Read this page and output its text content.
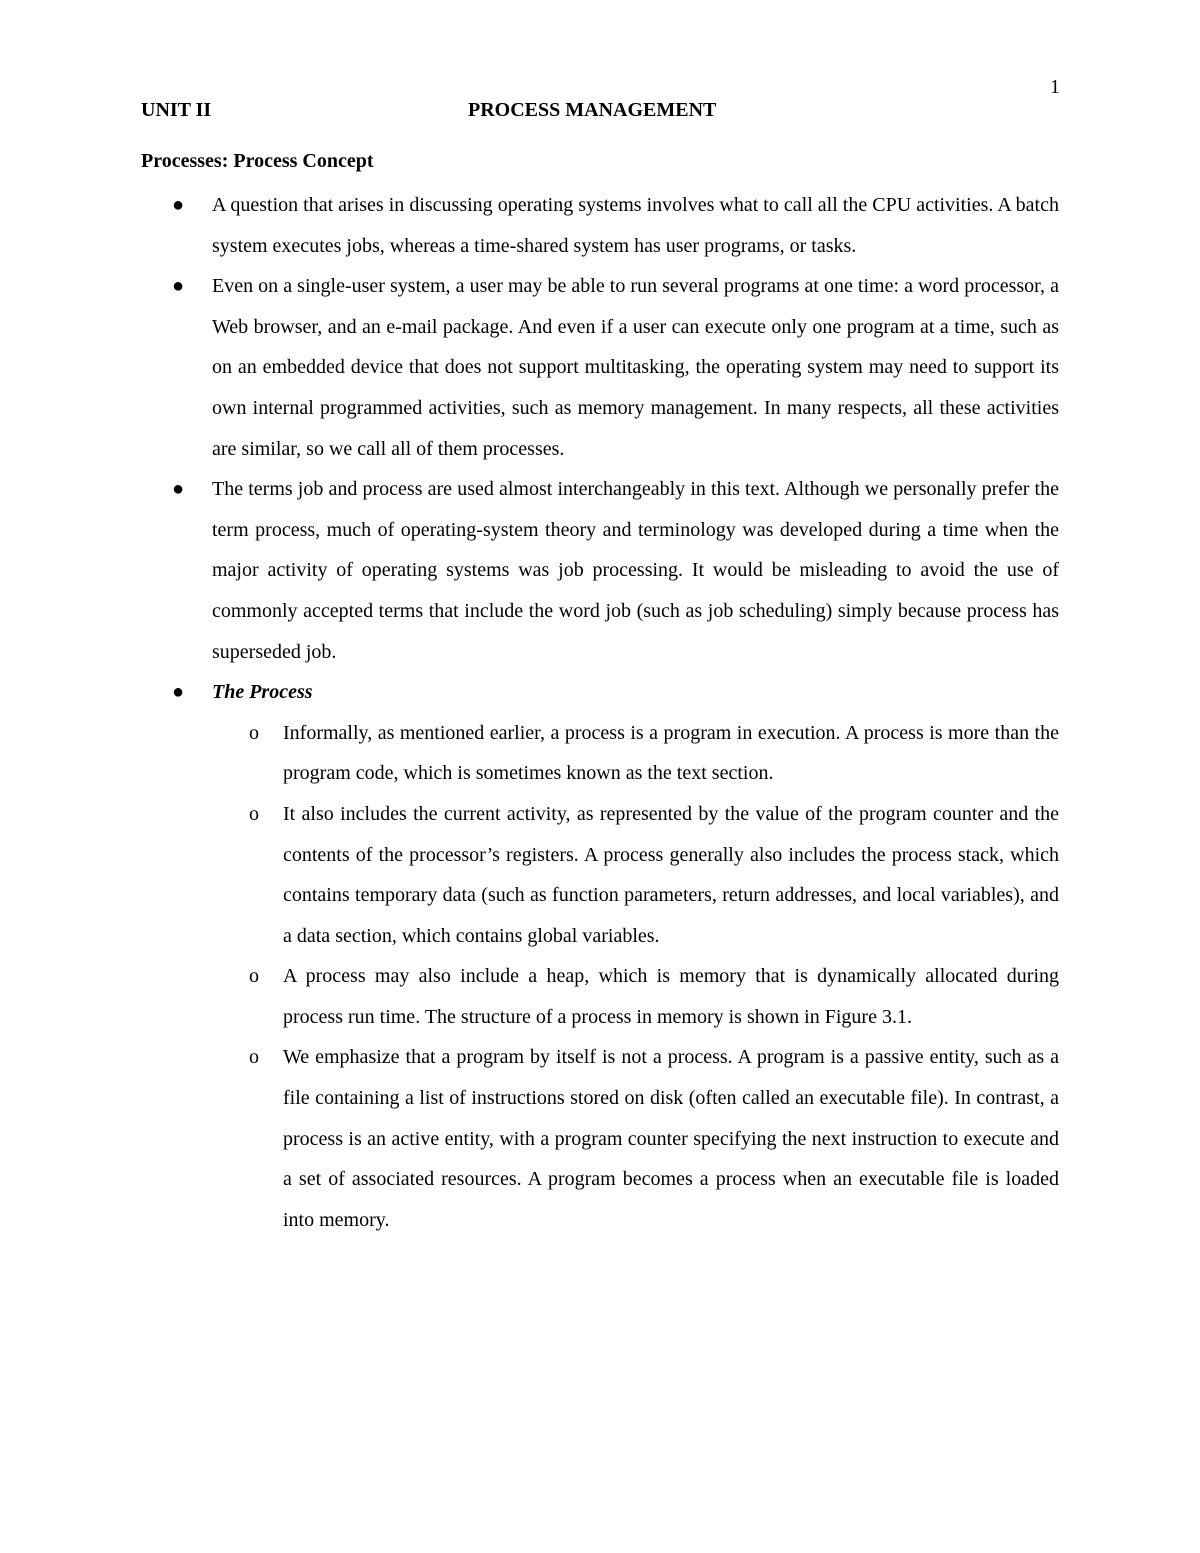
1
UNIT II	PROCESS MANAGEMENT
Processes: Process Concept
● A question that arises in discussing operating systems involves what to call all the CPU activities. A batch system executes jobs, whereas a time-shared system has user programs, or tasks.
● Even on a single-user system, a user may be able to run several programs at one time: a word processor, a Web browser, and an e-mail package. And even if a user can execute only one program at a time, such as on an embedded device that does not support multitasking, the operating system may need to support its own internal programmed activities, such as memory management. In many respects, all these activities are similar, so we call all of them processes.
● The terms job and process are used almost interchangeably in this text. Although we personally prefer the term process, much of operating-system theory and terminology was developed during a time when the major activity of operating systems was job processing. It would be misleading to avoid the use of commonly accepted terms that include the word job (such as job scheduling) simply because process has superseded job.
● The Process
o Informally, as mentioned earlier, a process is a program in execution. A process is more than the program code, which is sometimes known as the text section.
o It also includes the current activity, as represented by the value of the program counter and the contents of the processor’s registers. A process generally also includes the process stack, which contains temporary data (such as function parameters, return addresses, and local variables), and a data section, which contains global variables.
o A process may also include a heap, which is memory that is dynamically allocated during process run time. The structure of a process in memory is shown in Figure 3.1.
o We emphasize that a program by itself is not a process. A program is a passive entity, such as a file containing a list of instructions stored on disk (often called an executable file). In contrast, a process is an active entity, with a program counter specifying the next instruction to execute and a set of associated resources. A program becomes a process when an executable file is loaded into memory.
